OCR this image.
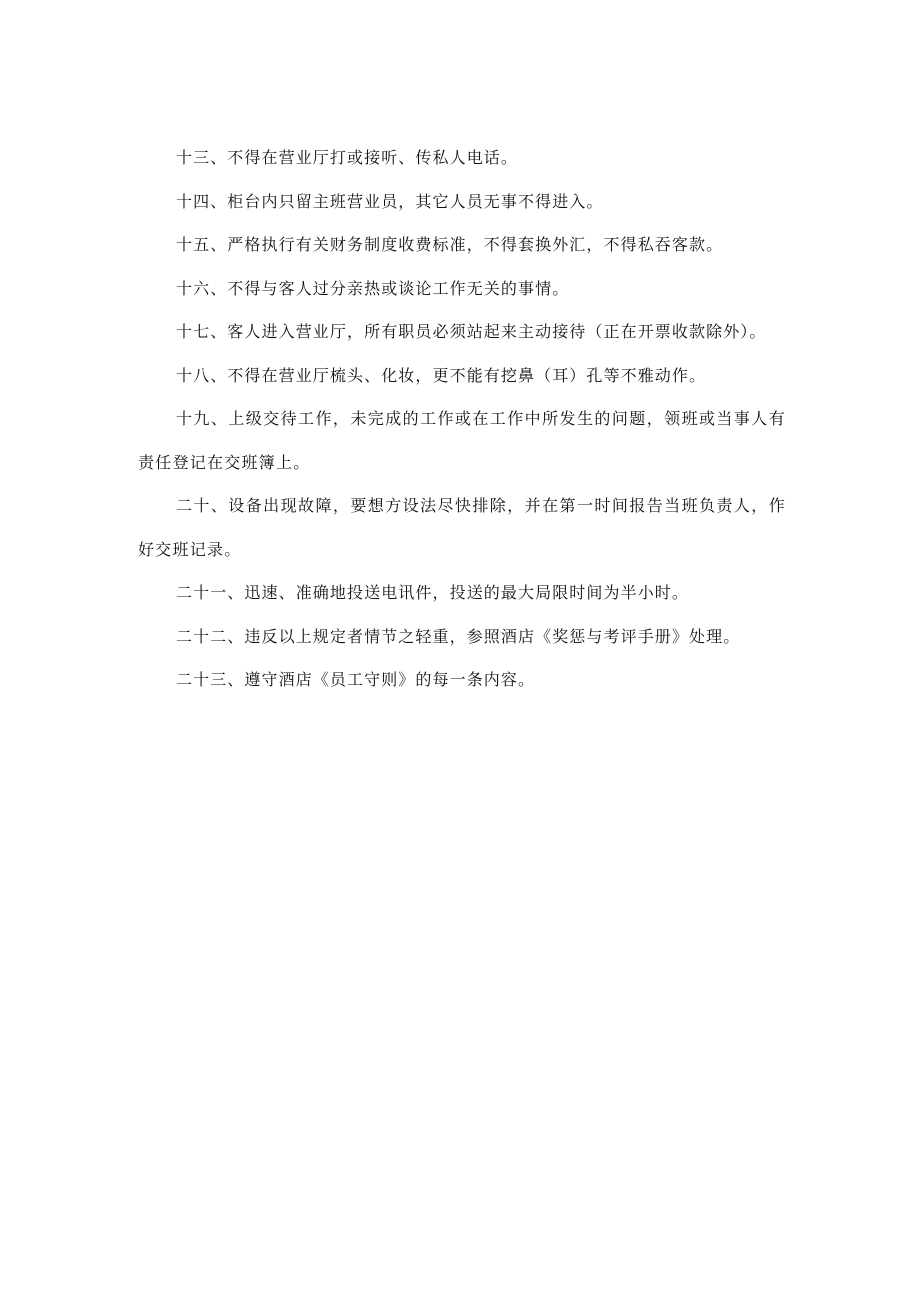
十三、不得在营业厅打或接听、传私人电话。

十四、柜台内只留主班营业员，其它人员无事不得进入。

十五、严格执行有关财务制度收费标准，不得套换外汇，不得私吞客款。

十六、不得与客人过分亲热或谈论工作无关的事情。

十七、客人进入营业厅，所有职员必须站起来主动接待（正在开票收款除外）。

十八、不得在营业厅梳头、化妆，更不能有挖鼻（耳）孔等不雅动作。

十九、上级交待工作，未完成的工作或在工作中所发生的问题，领班或当事人有责任登记在交班簿上。

二十、设备出现故障，要想方设法尽快排除，并在第一时间报告当班负责人，作好交班记录。

二十一、迅速、准确地投送电讯件，投送的最大局限时间为半小时。

二十二、违反以上规定者情节之轻重，参照酒店《奖惩与考评手册》处理。

二十三、遵守酒店《员工守则》的每一条内容。
